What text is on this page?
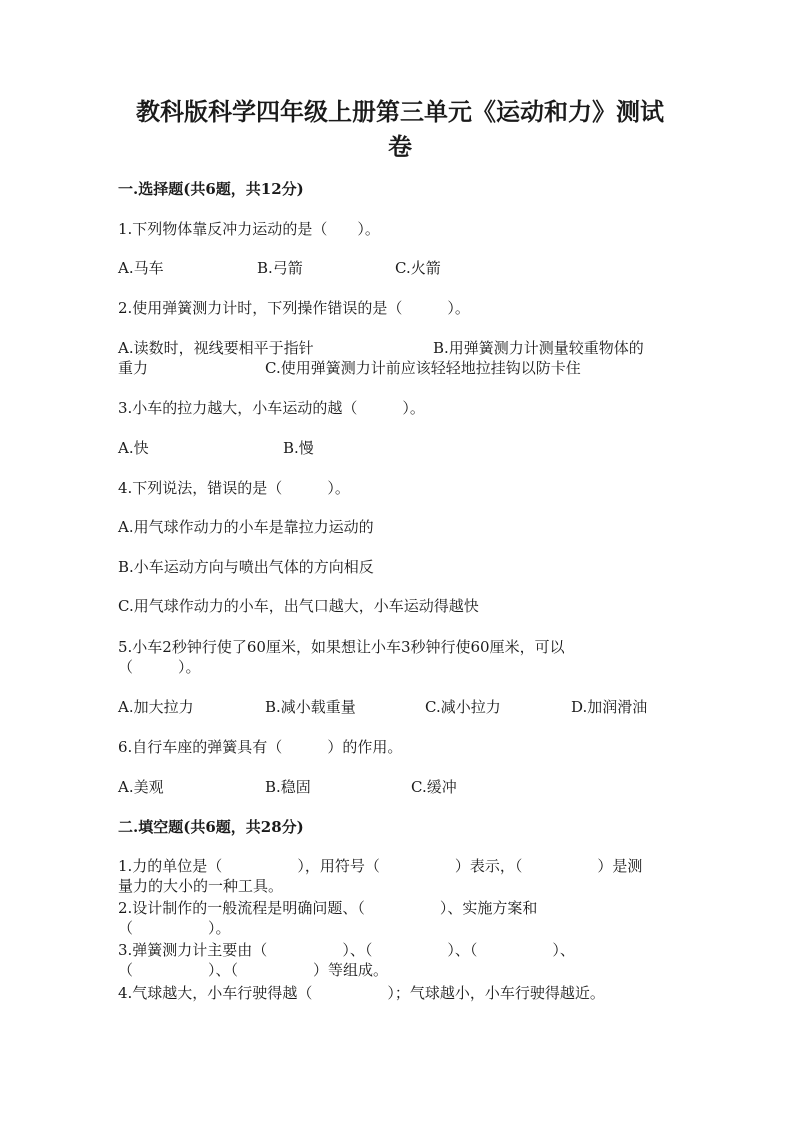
教科版科学四年级上册第三单元《运动和力》测试
卷

一.选择题(共6题，共12分)

1.下列物体靠反冲力运动的是（　　）。

A.马车	B.弓箭	C.火箭

2.使用弹簧测力计时，下列操作错误的是（　　　）。

A.读数时，视线要相平于指针	B.用弹簧测力计测量较重物体的

重力	C.使用弹簧测力计前应该轻轻地拉挂钩以防卡住

3.小车的拉力越大，小车运动的越（　　　）。

A.快	B.慢

4.下列说法，错误的是（　　　）。

A.用气球作动力的小车是靠拉力运动的

B.小车运动方向与喷出气体的方向相反

C.用气球作动力的小车，出气口越大，小车运动得越快

5.小车2秒钟行使了60厘米，如果想让小车3秒钟行使60厘米，可以

（　　　）。

A.加大拉力	B.减小载重量	C.减小拉力	D.加润滑油

6.自行车座的弹簧具有（　　　）的作用。

A.美观	B.稳固	C.缓冲

二.填空题(共6题，共28分)

1.力的单位是（　　　　　），用符号（　　　　　）表示，（　　　　　）是测

量力的大小的一种工具。

2.设计制作的一般流程是明确问题、（　　　　　）、实施方案和

（　　　　　）。

3.弹簧测力计主要由（　　　　　）、（　　　　　）、（　　　　　）、

（　　　　　）、（　　　　　）等组成。

4.气球越大，小车行驶得越（　　　　　）；气球越小，小车行驶得越近。
